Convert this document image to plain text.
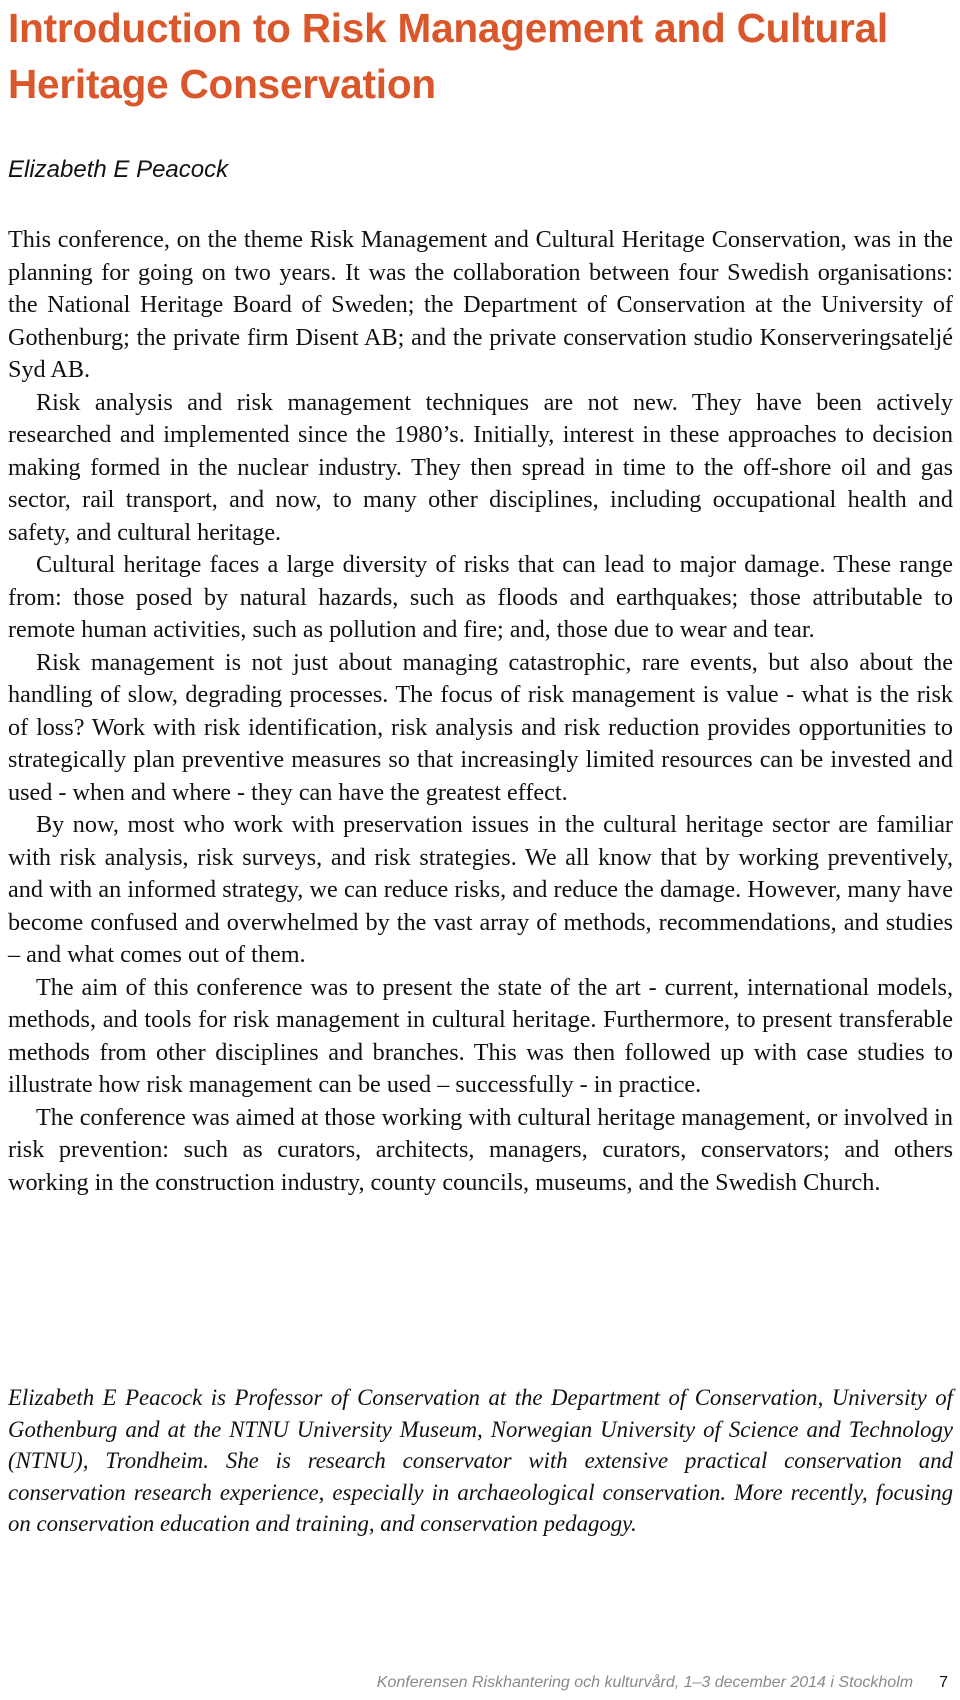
Introduction to Risk Management and Cultural Heritage Conservation

Elizabeth E Peacock

This conference, on the theme Risk Management and Cultural Heritage Conservation, was in the planning for going on two years. It was the collaboration between four Swedish organisations: the National Heritage Board of Sweden; the Department of Conservation at the University of Gothenburg; the private firm Disent AB; and the private conservation studio Konserveringsateljé Syd AB.

Risk analysis and risk management techniques are not new. They have been actively researched and implemented since the 1980’s. Initially, interest in these approaches to decision making formed in the nuclear industry. They then spread in time to the off-shore oil and gas sector, rail transport, and now, to many other disciplines, including occupational health and safety, and cultural heritage.

Cultural heritage faces a large diversity of risks that can lead to major damage. These range from: those posed by natural hazards, such as floods and earthquakes; those attributable to remote human activities, such as pollution and fire; and, those due to wear and tear.

Risk management is not just about managing catastrophic, rare events, but also about the handling of slow, degrading processes. The focus of risk management is value - what is the risk of loss? Work with risk identification, risk analysis and risk reduction provides opportunities to strategically plan preventive measures so that increasingly limited resources can be invested and used - when and where - they can have the greatest effect.

By now, most who work with preservation issues in the cultural heritage sector are familiar with risk analysis, risk surveys, and risk strategies. We all know that by working preventively, and with an informed strategy, we can reduce risks, and reduce the damage. However, many have become confused and overwhelmed by the vast array of methods, recommendations, and studies – and what comes out of them.

The aim of this conference was to present the state of the art - current, international models, methods, and tools for risk management in cultural heritage. Furthermore, to present transferable methods from other disciplines and branches. This was then followed up with case studies to illustrate how risk management can be used – successfully - in practice.

The conference was aimed at those working with cultural heritage management, or involved in risk prevention: such as curators, architects, managers, curators, conservators; and others working in the construction industry, county councils, museums, and the Swedish Church.

Elizabeth E Peacock is Professor of Conservation at the Department of Conservation, University of Gothenburg and at the NTNU University Museum, Norwegian University of Science and Technology (NTNU), Trondheim. She is research conservator with extensive practical conservation and conservation research experience, especially in archaeological conservation. More recently, focusing on conservation education and training, and conservation pedagogy.

Konferensen Riskhantering och kulturvård, 1–3 december 2014 i Stockholm 7
